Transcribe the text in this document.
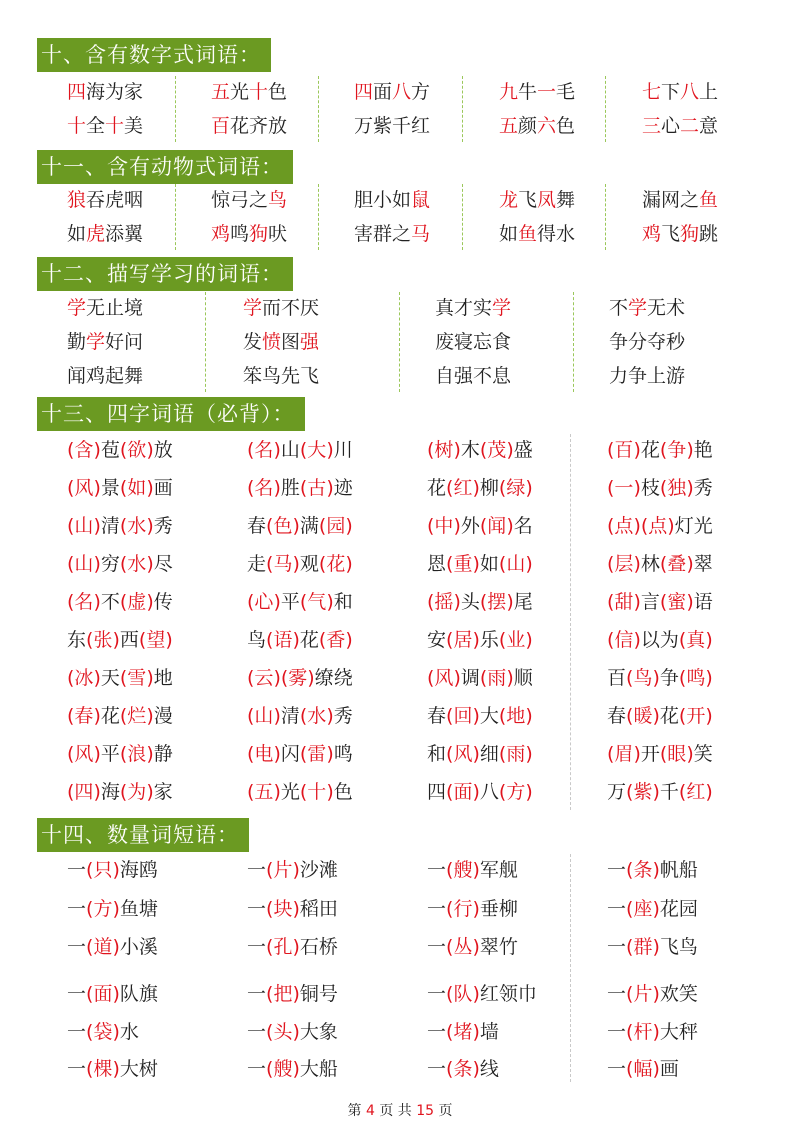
十、含有数字式词语：
四海为家	五光十色	四面八方	九牛一毛	七下八上
十全十美	百花齐放	万紫千红	五颜六色	三心二意
十一、含有动物式词语：
狼吞虎咽	惊弓之鸟	胆小如鼠	龙飞凤舞	漏网之鱼
如虎添翼	鸡鸣狗吠	害群之马	如鱼得水	鸡飞狗跳
十二、描写学习的词语：
学无止境	学而不厌	真才实学	不学无术
勤学好问	发愤图强	废寝忘食	争分夺秒
闻鸡起舞	笨鸟先飞	自强不息	力争上游
十三、四字词语（必背）：
(含)苞(欲)放	(名)山(大)川	(树)木(茂)盛	(百)花(争)艳
(风)景(如)画	(名)胜(古)迹	花(红)柳(绿)	(一)枝(独)秀
(山)清(水)秀	春(色)满(园)	(中)外(闻)名	(点)(点)灯光
(山)穷(水)尽	走(马)观(花)	恩(重)如(山)	(层)林(叠)翠
(名)不(虚)传	(心)平(气)和	(摇)头(摆)尾	(甜)言(蜜)语
东(张)西(望)	鸟(语)花(香)	安(居)乐(业)	(信)以为(真)
(冰)天(雪)地	(云)(雾)缭绕	(风)调(雨)顺	百(鸟)争(鸣)
(春)花(烂)漫	(山)清(水)秀	春(回)大(地)	春(暖)花(开)
(风)平(浪)静	(电)闪(雷)鸣	和(风)细(雨)	(眉)开(眼)笑
(四)海(为)家	(五)光(十)色	四(面)八(方)	万(紫)千(红)
十四、数量词短语：
一(只)海鸥	一(片)沙滩	一(艘)军舰	一(条)帆船
一(方)鱼塘	一(块)稻田	一(行)垂柳	一(座)花园
一(道)小溪	一(孔)石桥	一(丛)翠竹	一(群)飞鸟
一(面)队旗	一(把)铜号	一(队)红领巾	一(片)欢笑
一(袋)水	一(头)大象	一(堵)墙	一(杆)大秤
一(棵)大树	一(艘)大船	一(条)线	一(幅)画
第 4 页 共 15 页
